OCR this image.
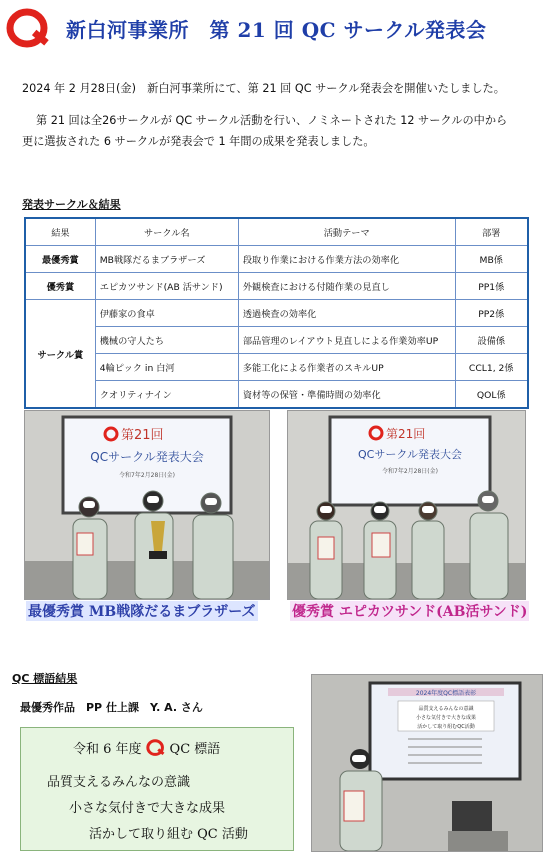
新白河事業所　第 21 回 QC サークル発表会
2024 年 2 月28日(金)　新白河事業所にて、第 21 回 QC サークル発表会を開催いたしました。
第 21 回は全26サークルが QC サークル活動を行い、ノミネートされた 12 サークルの中から
更に選抜された 6 サークルが発表会で 1 年間の成果を発表しました。
発表サークル＆結果
結果	サークル名	活動テーマ	部署
最優秀賞	MB戦隊だるまブラザーズ	段取り作業における作業方法の効率化	MB係
優秀賞	エピカツサンド(AB 活サンド)	外観検査における付随作業の見直し	PP1係
サークル賞	伊藤家の食卓	透過検査の効率化	PP2係
	機械の守人たち	部品管理のレイアウト見直しによる作業効率UP	設備係
	4輪ピック in 白河	多能工化による作業者のスキルUP	CCL1, 2係
	クオリティナイン	資材等の保管・準備時間の効率化	QOL係
第21回
QCサークル発表大会
令和7年2月28日(金)
第21回
QCサークル発表大会
令和7年2月28日(金)
最優秀賞 MB戦隊だるまブラザーズ	優秀賞 エピカツサンド(AB活サンド)
QC 標語結果
最優秀作品　PP 仕上課　Y. A. さん
令和 6 年度 QC 標語
品質支えるみんなの意識
小さな気付きで大きな成果
活かして取り組む QC 活動
2024年度QC標語表彰
品質支えるみんなの意識
小さな気付きで大きな成果
活かして取り組むQC活動
